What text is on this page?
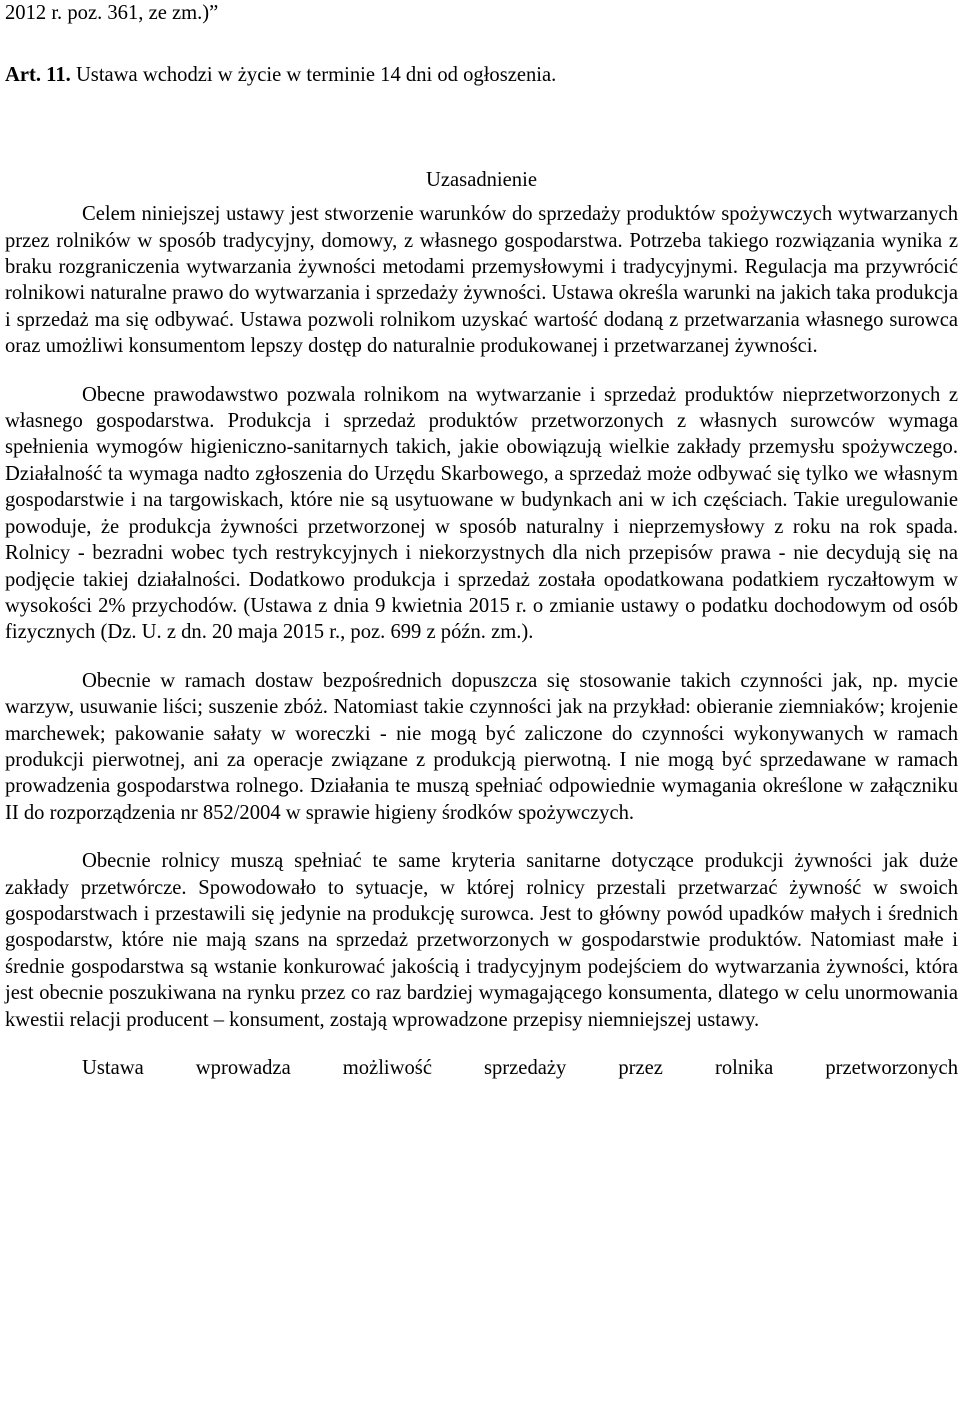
2012 r. poz. 361, ze zm.)”

Art. 11. Ustawa wchodzi w życie w terminie 14 dni od ogłoszenia.

Uzasadnienie

Celem niniejszej ustawy jest stworzenie warunków do sprzedaży produktów spożywczych wytwarzanych przez rolników w sposób tradycyjny, domowy, z własnego gospodarstwa. Potrzeba takiego rozwiązania wynika z braku rozgraniczenia wytwarzania żywności metodami przemysłowymi i tradycyjnymi. Regulacja ma przywrócić rolnikowi naturalne prawo do wytwarzania i sprzedaży żywności. Ustawa określa warunki na jakich taka produkcja i sprzedaż ma się odbywać. Ustawa pozwoli rolnikom uzyskać wartość dodaną z przetwarzania własnego surowca oraz umożliwi konsumentom lepszy dostęp do naturalnie produkowanej i przetwarzanej żywności.

Obecne prawodawstwo pozwala rolnikom na wytwarzanie i sprzedaż produktów nieprzetworzonych z własnego gospodarstwa. Produkcja i sprzedaż produktów przetworzonych z własnych surowców wymaga spełnienia wymogów higieniczno-sanitarnych takich, jakie obowiązują wielkie zakłady przemysłu spożywczego. Działalność ta wymaga nadto zgłoszenia do Urzędu Skarbowego, a sprzedaż może odbywać się tylko we własnym gospodarstwie i na targowiskach, które nie są usytuowane w budynkach ani w ich częściach. Takie uregulowanie powoduje, że produkcja żywności przetworzonej w sposób naturalny i nieprzemysłowy z roku na rok spada. Rolnicy - bezradni wobec tych restrykcyjnych i niekorzystnych dla nich przepisów prawa - nie decydują się na podjęcie takiej działalności. Dodatkowo produkcja i sprzedaż została opodatkowana podatkiem ryczałtowym w wysokości 2% przychodów. (Ustawa z dnia 9 kwietnia 2015 r. o zmianie ustawy o podatku dochodowym od osób fizycznych (Dz. U. z dn. 20 maja 2015 r., poz. 699 z późn. zm.).

Obecnie w ramach dostaw bezpośrednich dopuszcza się stosowanie takich czynności jak, np. mycie warzyw, usuwanie liści; suszenie zbóż. Natomiast takie czynności jak na przykład: obieranie ziemniaków; krojenie marchewek; pakowanie sałaty w woreczki - nie mogą być zaliczone do czynności wykonywanych w ramach produkcji pierwotnej, ani za operacje związane z produkcją pierwotną. I nie mogą być sprzedawane w ramach prowadzenia gospodarstwa rolnego. Działania te muszą spełniać odpowiednie wymagania określone w załączniku II do rozporządzenia nr 852/2004 w sprawie higieny środków spożywczych.

Obecnie rolnicy muszą spełniać te same kryteria sanitarne dotyczące produkcji żywności jak duże zakłady przetwórcze. Spowodowało to sytuacje, w której rolnicy przestali przetwarzać żywność w swoich gospodarstwach i przestawili się jedynie na produkcję surowca. Jest to główny powód upadków małych i średnich gospodarstw, które nie mają szans na sprzedaż przetworzonych w gospodarstwie produktów. Natomiast małe i średnie gospodarstwa są wstanie konkurować jakością i tradycyjnym podejściem do wytwarzania żywności, która jest obecnie poszukiwana na rynku przez co raz bardziej wymagającego konsumenta, dlatego w celu unormowania kwestii relacji producent – konsument, zostają wprowadzone przepisy niemniejszej ustawy.

Ustawa wprowadza możliwość sprzedaży przez rolnika przetworzonych
